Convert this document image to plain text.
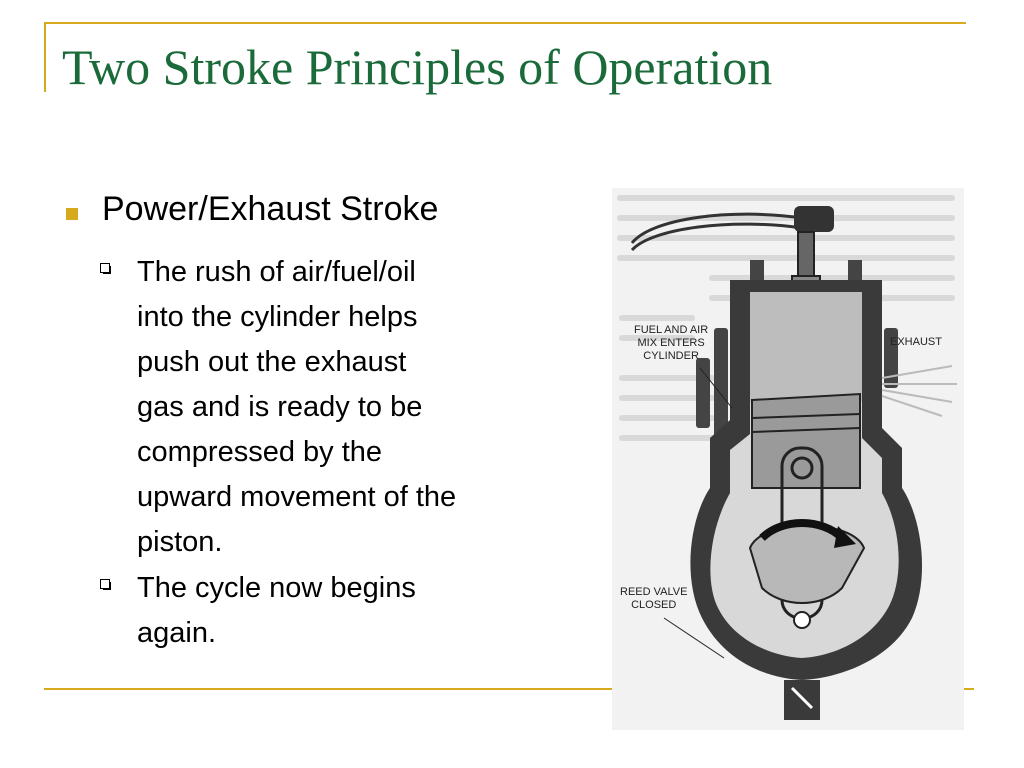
Two Stroke Principles of Operation
Power/Exhaust Stroke
The rush of air/fuel/oil
into the cylinder helps
push out the exhaust
gas and is ready to be
compressed by the
upward movement of the
piston.
The cycle now begins
again.
FUEL AND AIR
MIX ENTERS
CYLINDER
EXHAUST
REED VALVE
CLOSED
